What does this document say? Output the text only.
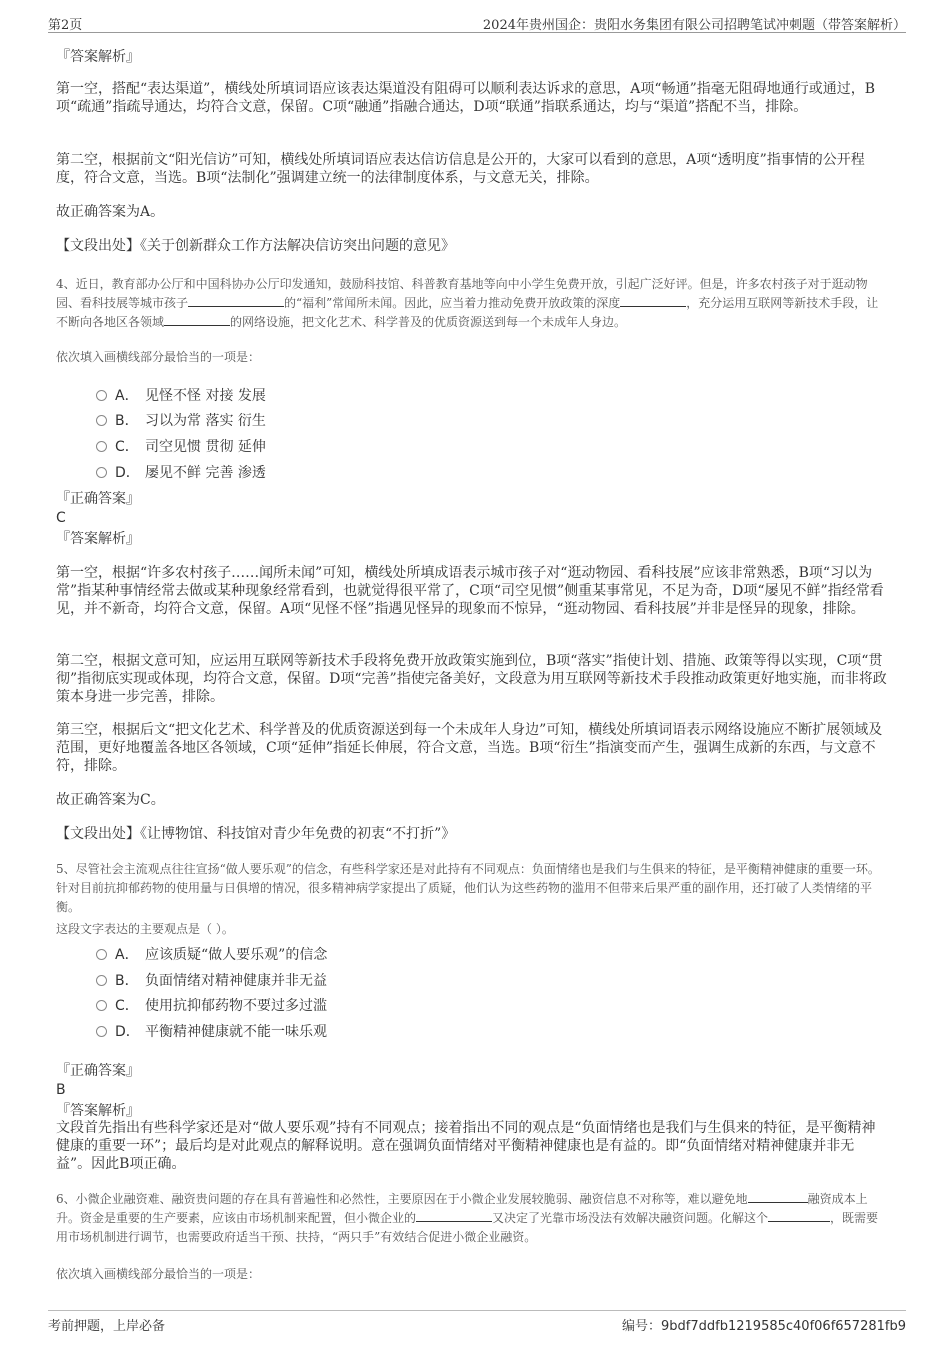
第2页	2024年贵州国企：贵阳水务集团有限公司招聘笔试冲刺题（带答案解析）
『答案解析』
第一空，搭配“表达渠道”，横线处所填词语应该表达渠道没有阻碍可以顺利表达诉求的意思，A项“畅通”指毫无阻碍地通行或通过，B项“疏通”指疏导通达，均符合文意，保留。C项“融通”指融合通达，D项“联通”指联系通达，均与“渠道”搭配不当，排除。
第二空，根据前文“阳光信访”可知，横线处所填词语应表达信访信息是公开的，大家可以看到的意思，A项“透明度”指事情的公开程度，符合文意，当选。B项“法制化”强调建立统一的法律制度体系，与文意无关，排除。
故正确答案为A。
【文段出处】《关于创新群众工作方法解决信访突出问题的意见》
4、近日，教育部办公厅和中国科协办公厅印发通知，鼓励科技馆、科普教育基地等向中小学生免费开放，引起广泛好评。但是，许多农村孩子对于逛动物园、看科技展等城市孩子	的“福利”常闻所未闻。因此，应当着力推动免费开放政策的深度	，充分运用互联网等新技术手段，让不断向各地区各领域	的网络设施，把文化艺术、科学普及的优质资源送到每一个未成年人身边。
依次填入画横线部分最恰当的一项是：
A． 见怪不怪 对接 发展
B． 习以为常 落实 衍生
C． 司空见惯 贯彻 延伸
D． 屡见不鲜 完善 渗透
『正确答案』
C
『答案解析』
第一空，根据“许多农村孩子……闻所未闻”可知，横线处所填成语表示城市孩子对“逛动物园、看科技展”应该非常熟悉，B项“习以为常”指某种事情经常去做或某种现象经常看到，也就觉得很平常了，C项“司空见惯”侧重某事常见，不足为奇，D项“屡见不鲜”指经常看见，并不新奇，均符合文意，保留。A项“见怪不怪”指遇见怪异的现象而不惊异，“逛动物园、看科技展”并非是怪异的现象，排除。
第二空，根据文意可知，应运用互联网等新技术手段将免费开放政策实施到位，B项“落实”指使计划、措施、政策等得以实现，C项“贯彻”指彻底实现或体现，均符合文意，保留。D项“完善”指使完备美好，文段意为用互联网等新技术手段推动政策更好地实施，而非将政策本身进一步完善，排除。
第三空，根据后文“把文化艺术、科学普及的优质资源送到每一个未成年人身边”可知，横线处所填词语表示网络设施应不断扩展领域及范围，更好地覆盖各地区各领域，C项“延伸”指延长伸展，符合文意，当选。B项“衍生”指演变而产生，强调生成新的东西，与文意不符，排除。
故正确答案为C。
【文段出处】《让博物馆、科技馆对青少年免费的初衷“不打折”》
5、尽管社会主流观点往往宣扬“做人要乐观”的信念，有些科学家还是对此持有不同观点：负面情绪也是我们与生俱来的特征，是平衡精神健康的重要一环。针对目前抗抑郁药物的使用量与日俱增的情况，很多精神病学家提出了质疑，他们认为这些药物的滥用不但带来后果严重的副作用，还打破了人类情绪的平衡。
这段文字表达的主要观点是（ ）。
A． 应该质疑“做人要乐观”的信念
B． 负面情绪对精神健康并非无益
C． 使用抗抑郁药物不要过多过滥
D． 平衡精神健康就不能一味乐观
『正确答案』
B
『答案解析』
文段首先指出有些科学家还是对“做人要乐观”持有不同观点；接着指出不同的观点是“负面情绪也是我们与生俱来的特征，是平衡精神健康的重要一环”；最后均是对此观点的解释说明。意在强调负面情绪对平衡精神健康也是有益的。即“负面情绪对精神健康并非无益”。因此B项正确。
6、小微企业融资难、融资贵问题的存在具有普遍性和必然性，主要原因在于小微企业发展较脆弱、融资信息不对称等，难以避免地	融资成本上升。资金是重要的生产要素，应该由市场机制来配置，但小微企业的	又决定了光靠市场没法有效解决融资问题。化解这个	，既需要用市场机制进行调节，也需要政府适当干预、扶持，“两只手”有效结合促进小微企业融资。
依次填入画横线部分最恰当的一项是：
考前押题，上岸必备	编号：9bdf7ddfb1219585c40f06f657281fb9
